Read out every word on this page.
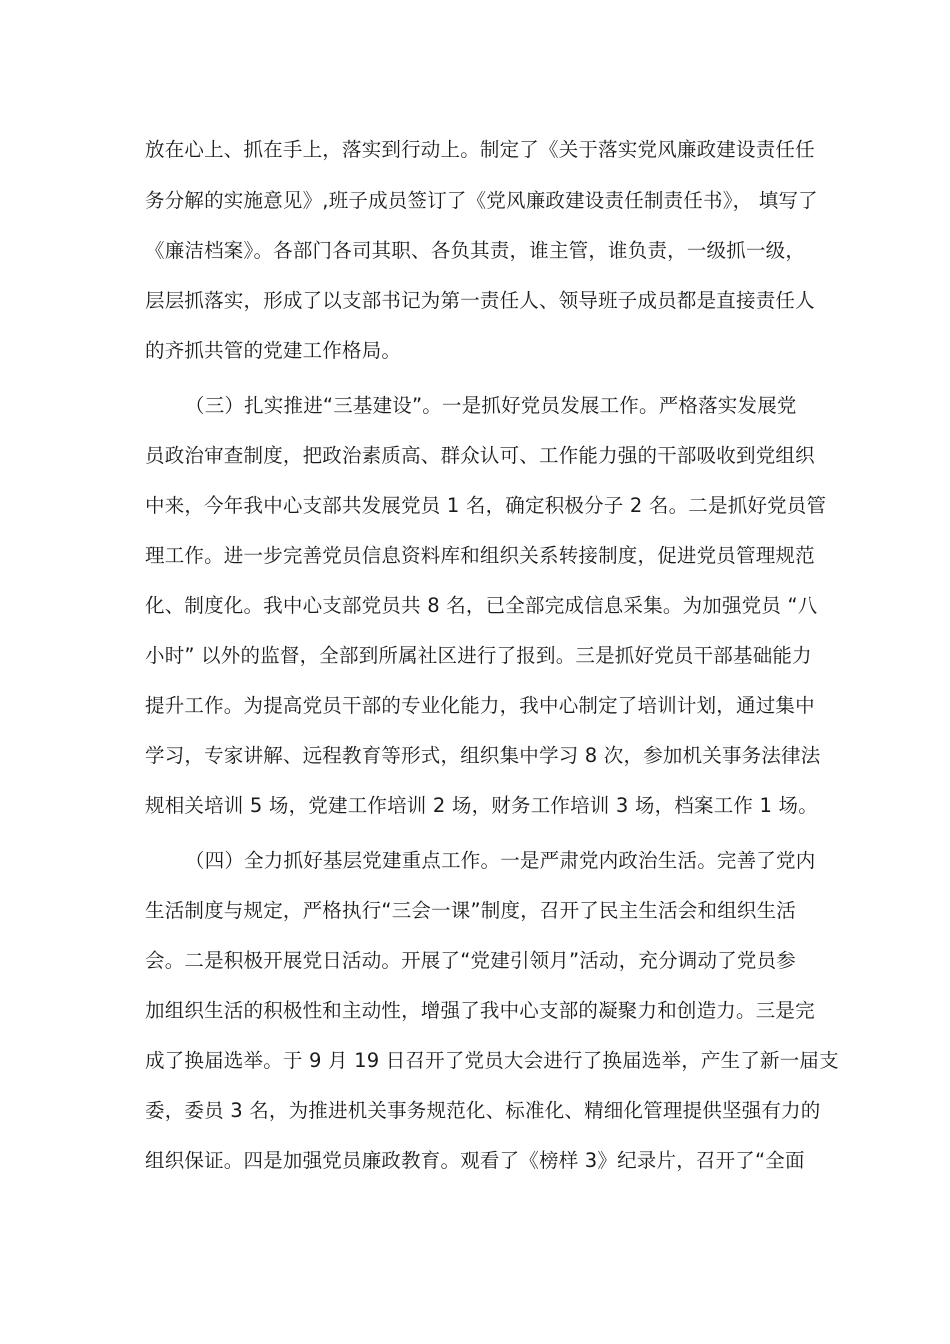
放在心上、抓在手上，落实到行动上。制定了《关于落实党风廉政建设责任任
务分解的实施意见》,班子成员签订了《党风廉政建设责任制责任书》， 填写了
《廉洁档案》。各部门各司其职、各负其责，谁主管，谁负责，一级抓一级，
层层抓落实，形成了以支部书记为第一责任人、领导班子成员都是直接责任人
的齐抓共管的党建工作格局。
（三）扎实推进“三基建设”。一是抓好党员发展工作。严格落实发展党
员政治审查制度，把政治素质高、群众认可、工作能力强的干部吸收到党组织
中来，今年我中心支部共发展党员 1 名，确定积极分子 2 名。二是抓好党员管
理工作。进一步完善党员信息资料库和组织关系转接制度，促进党员管理规范
化、制度化。我中心支部党员共 8 名，已全部完成信息采集。为加强党员 “八
小时” 以外的监督，全部到所属社区进行了报到。三是抓好党员干部基础能力
提升工作。为提高党员干部的专业化能力，我中心制定了培训计划，通过集中
学习，专家讲解、远程教育等形式，组织集中学习 8 次，参加机关事务法律法
规相关培训 5 场，党建工作培训 2 场，财务工作培训 3 场，档案工作 1 场。
（四）全力抓好基层党建重点工作。一是严肃党内政治生活。完善了党内
生活制度与规定，严格执行“三会一课”制度，召开了民主生活会和组织生活
会。二是积极开展党日活动。开展了“党建引领月”活动，充分调动了党员参
加组织生活的积极性和主动性，增强了我中心支部的凝聚力和创造力。三是完
成了换届选举。于 9 月 19 日召开了党员大会进行了换届选举，产生了新一届支
委，委员 3 名，为推进机关事务规范化、标准化、精细化管理提供坚强有力的
组织保证。四是加强党员廉政教育。观看了《榜样 3》纪录片，召开了“全面
